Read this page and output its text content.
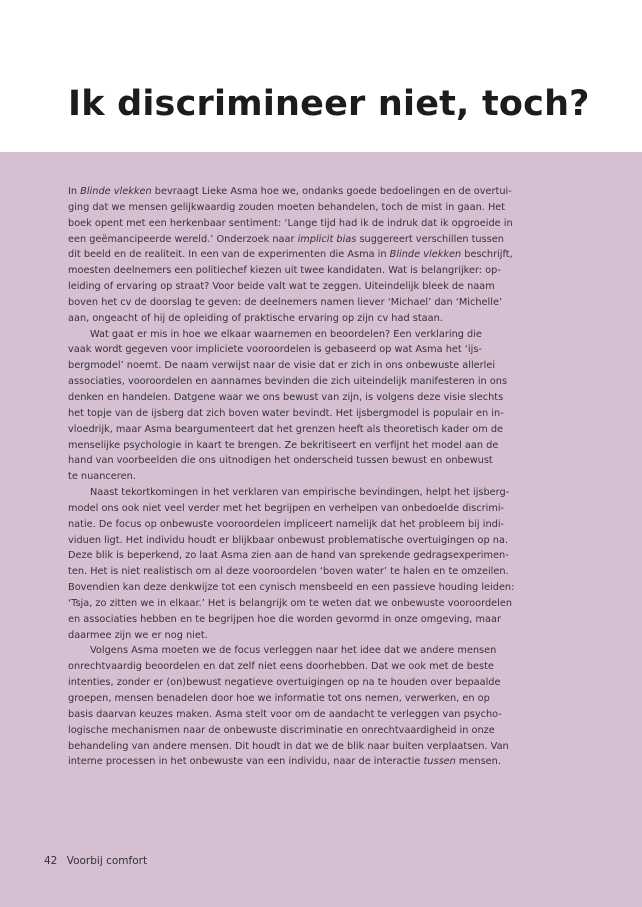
Ik discrimineer niet, toch?

In Blinde vlekken bevraagt Lieke Asma hoe we, ondanks goede bedoelingen en de overtui-
ging dat we mensen gelijkwaardig zouden moeten behandelen, toch de mist in gaan. Het
boek opent met een herkenbaar sentiment: ‘Lange tijd had ik de indruk dat ik opgroeide in
een geëmancipeerde wereld.’ Onderzoek naar implicit bias suggereert verschillen tussen
dit beeld en de realiteit. In een van de experimenten die Asma in Blinde vlekken beschrijft,
moesten deelnemers een politiechef kiezen uit twee kandidaten. Wat is belangrijker: op-
leiding of ervaring op straat? Voor beide valt wat te zeggen. Uiteindelijk bleek de naam
boven het cv de doorslag te geven: de deelnemers namen liever ‘Michael’ dan ‘Michelle’
aan, ongeacht of hij de opleiding of praktische ervaring op zijn cv had staan.

Wat gaat er mis in hoe we elkaar waarnemen en beoordelen? Een verklaring die
vaak wordt gegeven voor impliciete vooroordelen is gebaseerd op wat Asma het ‘ijs-
bergmodel’ noemt. De naam verwijst naar de visie dat er zich in ons onbewuste allerlei
associaties, vooroordelen en aannames bevinden die zich uiteindelijk manifesteren in ons
denken en handelen. Datgene waar we ons bewust van zijn, is volgens deze visie slechts
het topje van de ijsberg dat zich boven water bevindt. Het ijsbergmodel is populair en in-
vloedrijk, maar Asma beargumenteert dat het grenzen heeft als theoretisch kader om de
menselijke psychologie in kaart te brengen. Ze bekritiseert en verfijnt het model aan de
hand van voorbeelden die ons uitnodigen het onderscheid tussen bewust en onbewust
te nuanceren.

Naast tekortkomingen in het verklaren van empirische bevindingen, helpt het ijsberg-
model ons ook niet veel verder met het begrijpen en verhelpen van onbedoelde discrimi-
natie. De focus op onbewuste vooroordelen impliceert namelijk dat het probleem bij indi-
viduen ligt. Het individu houdt er blijkbaar onbewust problematische overtuigingen op na.
Deze blik is beperkend, zo laat Asma zien aan de hand van sprekende gedragsexperimen-
ten. Het is niet realistisch om al deze vooroordelen ‘boven water’ te halen en te omzeilen.
Bovendien kan deze denkwijze tot een cynisch mensbeeld en een passieve houding leiden:
‘Tsja, zo zitten we in elkaar.’ Het is belangrijk om te weten dat we onbewuste vooroordelen
en associaties hebben en te begrijpen hoe die worden gevormd in onze omgeving, maar
daarmee zijn we er nog niet.

Volgens Asma moeten we de focus verleggen naar het idee dat we andere mensen
onrechtvaardig beoordelen en dat zelf niet eens doorhebben. Dat we ook met de beste
intenties, zonder er (on)bewust negatieve overtuigingen op na te houden over bepaalde
groepen, mensen benadelen door hoe we informatie tot ons nemen, verwerken, en op
basis daarvan keuzes maken. Asma stelt voor om de aandacht te verleggen van psycho-
logische mechanismen naar de onbewuste discriminatie en onrechtvaardigheid in onze
behandeling van andere mensen. Dit houdt in dat we de blik naar buiten verplaatsen. Van
interne processen in het onbewuste van een individu, naar de interactie tussen mensen.

42 Voorbij comfort
